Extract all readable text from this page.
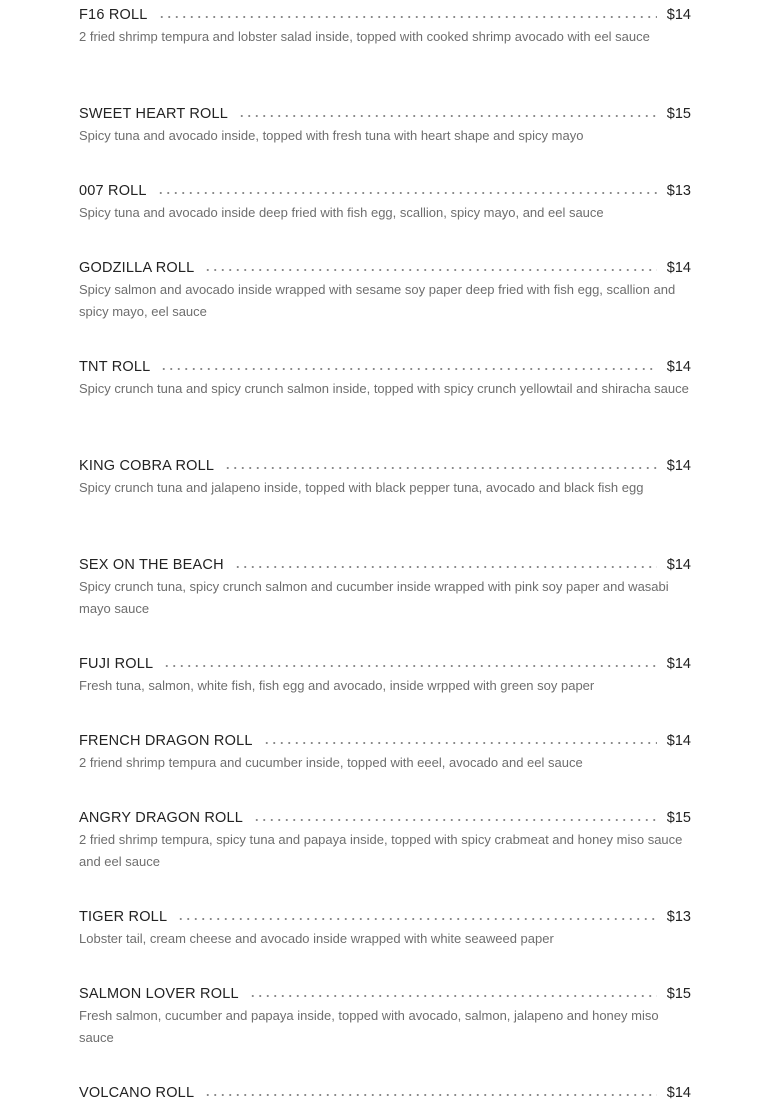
F16 ROLL	$14

2 fried shrimp tempura and lobster salad inside, topped with cooked shrimp avocado with eel sauce

SWEET HEART ROLL	$15

Spicy tuna and avocado inside, topped with fresh tuna with heart shape and spicy mayo

007 ROLL	$13

Spicy tuna and avocado inside deep fried with fish egg, scallion, spicy mayo, and eel sauce

GODZILLA ROLL	$14

Spicy salmon and avocado inside wrapped with sesame soy paper deep fried with fish egg, scallion and spicy mayo, eel sauce

TNT ROLL	$14

Spicy crunch tuna and spicy crunch salmon inside, topped with spicy crunch yellowtail and shiracha sauce

KING COBRA ROLL	$14

Spicy crunch tuna and jalapeno inside, topped with black pepper tuna, avocado and black fish egg

SEX ON THE BEACH	$14

Spicy crunch tuna, spicy crunch salmon and cucumber inside wrapped with pink soy paper and wasabi mayo sauce

FUJI ROLL	$14

Fresh tuna, salmon, white fish, fish egg and avocado, inside wrpped with green soy paper

FRENCH DRAGON ROLL	$14

2 friend shrimp tempura and cucumber inside, topped with eeel, avocado and eel sauce

ANGRY DRAGON ROLL	$15

2 fried shrimp tempura, spicy tuna and papaya inside, topped with spicy crabmeat and honey miso sauce and eel sauce

TIGER ROLL	$13

Lobster tail, cream cheese and avocado inside wrapped with white seaweed paper

SALMON LOVER ROLL	$15

Fresh salmon, cucumber and papaya inside, topped with avocado, salmon, jalapeno and honey miso sauce

VOLCANO ROLL	$14
